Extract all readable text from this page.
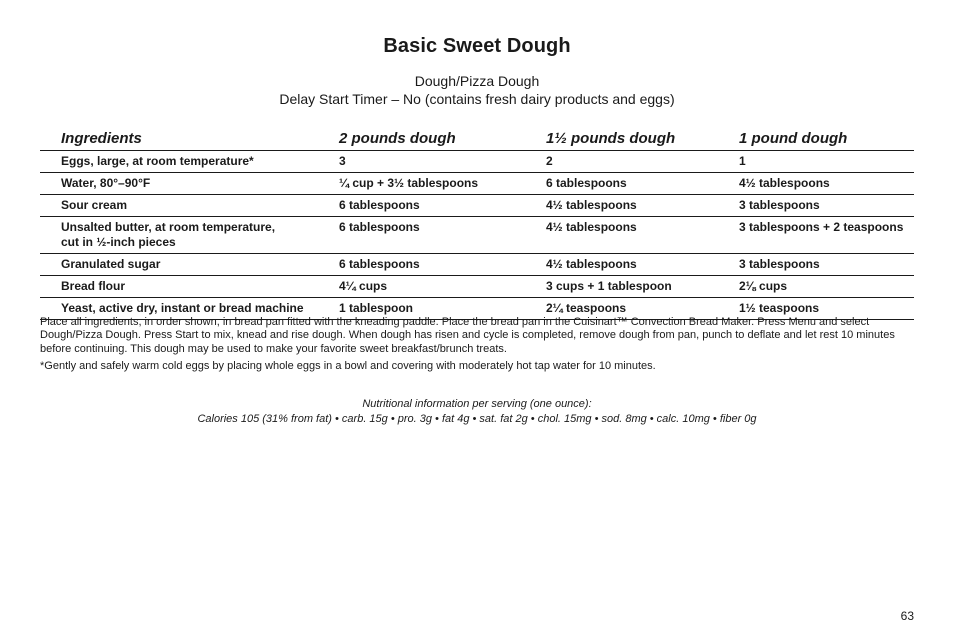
Basic Sweet Dough
Dough/Pizza Dough
Delay Start Timer – No (contains fresh dairy products and eggs)
Ingredients	2 pounds dough	1½ pounds dough	1 pound dough
Eggs, large, at room temperature*	3	2	1
Water, 80°–90°F	¼ cup + 3½ tablespoons	6 tablespoons	4½ tablespoons
Sour cream	6 tablespoons	4½ tablespoons	3 tablespoons
Unsalted butter, at room temperature,
cut in ½-inch pieces	6 tablespoons	4½ tablespoons	3 tablespoons + 2 teaspoons
Granulated sugar	6 tablespoons	4½ tablespoons	3 tablespoons
Bread flour	4¼ cups	3 cups + 1 tablespoon	2⅛ cups
Yeast, active dry, instant or bread machine	1 tablespoon	2¼ teaspoons	1½ teaspoons
Place all ingredients, in order shown, in bread pan fitted with the kneading paddle. Place the bread pan in the Cuisinart™ Convection Bread Maker. Press Menu and select Dough/Pizza Dough. Press Start to mix, knead and rise dough. When dough has risen and cycle is completed, remove dough from pan, punch to deflate and let rest 10 minutes before continuing. This dough may be used to make your favorite sweet breakfast/brunch treats.
*Gently and safely warm cold eggs by placing whole eggs in a bowl and covering with moderately hot tap water for 10 minutes.
Nutritional information per serving (one ounce):
Calories 105 (31% from fat) • carb. 15g • pro. 3g • fat 4g • sat. fat 2g • chol. 15mg • sod. 8mg • calc. 10mg • fiber 0g
63
